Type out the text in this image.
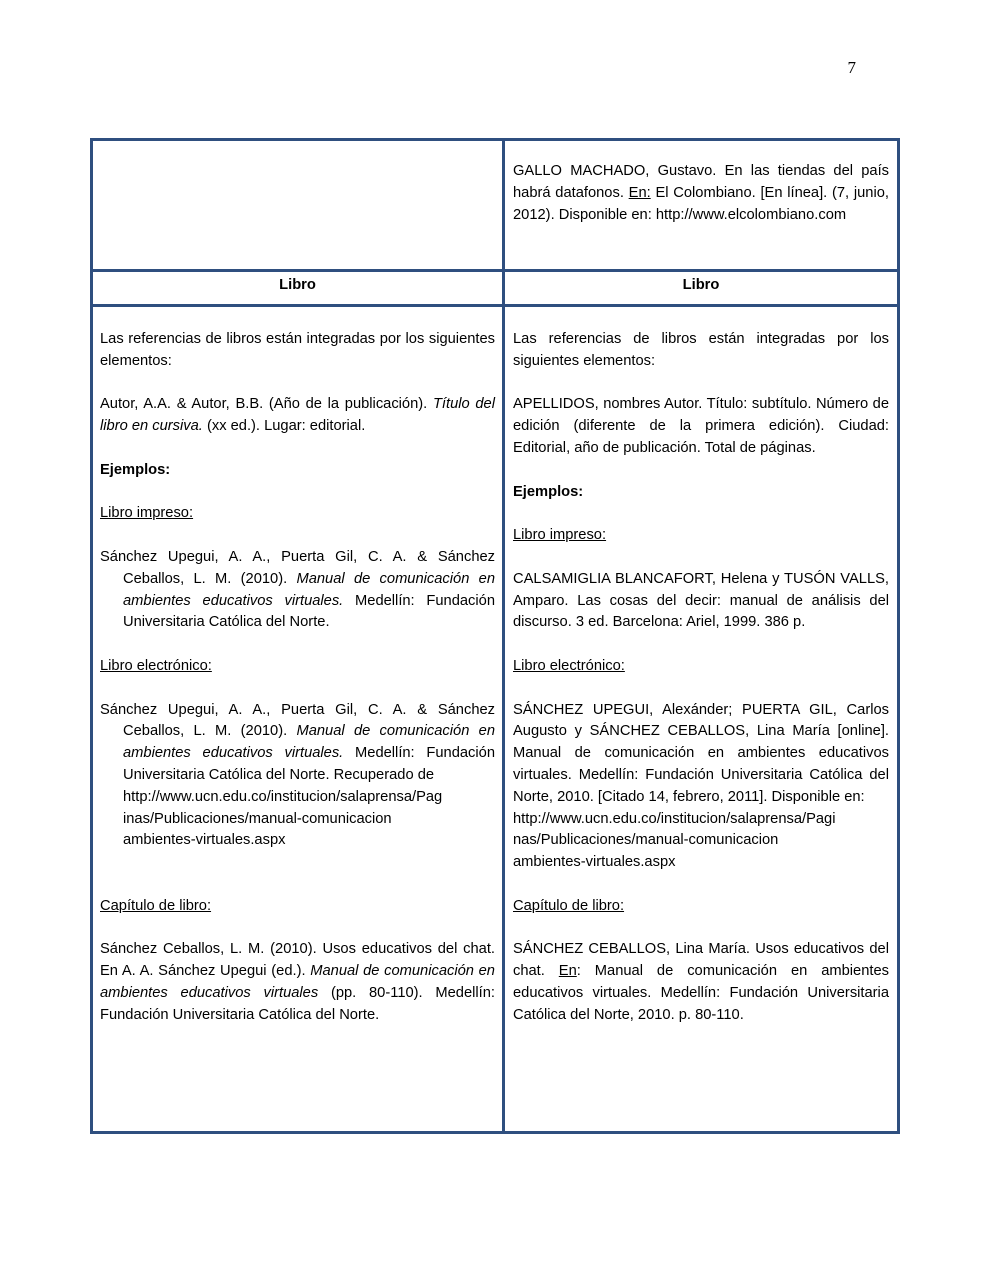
7

GALLO MACHADO, Gustavo. En las tiendas del país habrá datafonos. En: El Colombiano. [En línea]. (7, junio, 2012). Disponible en: http://www.elcolombiano.com

Libro	Libro

Las referencias de libros están integradas por los siguientes elementos:

Autor, A.A. & Autor, B.B. (Año de la publicación). Título del libro en cursiva. (xx ed.). Lugar: editorial.

Ejemplos:

Libro impreso:

Sánchez Upegui, A. A., Puerta Gil, C. A. & Sánchez Ceballos, L. M. (2010). Manual de comunicación en ambientes educativos virtuales. Medellín: Fundación Universitaria Católica del Norte.

Libro electrónico:

Sánchez Upegui, A. A., Puerta Gil, C. A. & Sánchez Ceballos, L. M. (2010). Manual de comunicación en ambientes educativos virtuales. Medellín: Fundación Universitaria Católica del Norte. Recuperado de

http://www.ucn.edu.co/institucion/salaprensa/Pag

inas/Publicaciones/manual-comunicacion

ambientes-virtuales.aspx

Capítulo de libro:

Sánchez Ceballos, L. M. (2010). Usos educativos del chat. En A. A. Sánchez Upegui (ed.). Manual de comunicación en ambientes educativos virtuales (pp. 80-110). Medellín: Fundación Universitaria Católica del Norte.

Las referencias de libros están integradas por los siguientes elementos:

APELLIDOS, nombres Autor. Título: subtítulo. Número de edición (diferente de la primera edición). Ciudad: Editorial, año de publicación. Total de páginas.

Ejemplos:

Libro impreso:

CALSAMIGLIA BLANCAFORT, Helena y TUSÓN VALLS, Amparo. Las cosas del decir: manual de análisis del discurso. 3 ed. Barcelona: Ariel, 1999. 386 p.

Libro electrónico:

SÁNCHEZ UPEGUI, Alexánder; PUERTA GIL, Carlos Augusto y SÁNCHEZ CEBALLOS, Lina María [online]. Manual de comunicación en ambientes educativos virtuales. Medellín: Fundación Universitaria Católica del Norte, 2010. [Citado 14, febrero, 2011]. Disponible en:

http://www.ucn.edu.co/institucion/salaprensa/Pagi

nas/Publicaciones/manual-comunicacion

ambientes-virtuales.aspx

Capítulo de libro:

SÁNCHEZ CEBALLOS, Lina María. Usos educativos del chat. En: Manual de comunicación en ambientes educativos virtuales. Medellín: Fundación Universitaria Católica del Norte, 2010. p. 80-110.
